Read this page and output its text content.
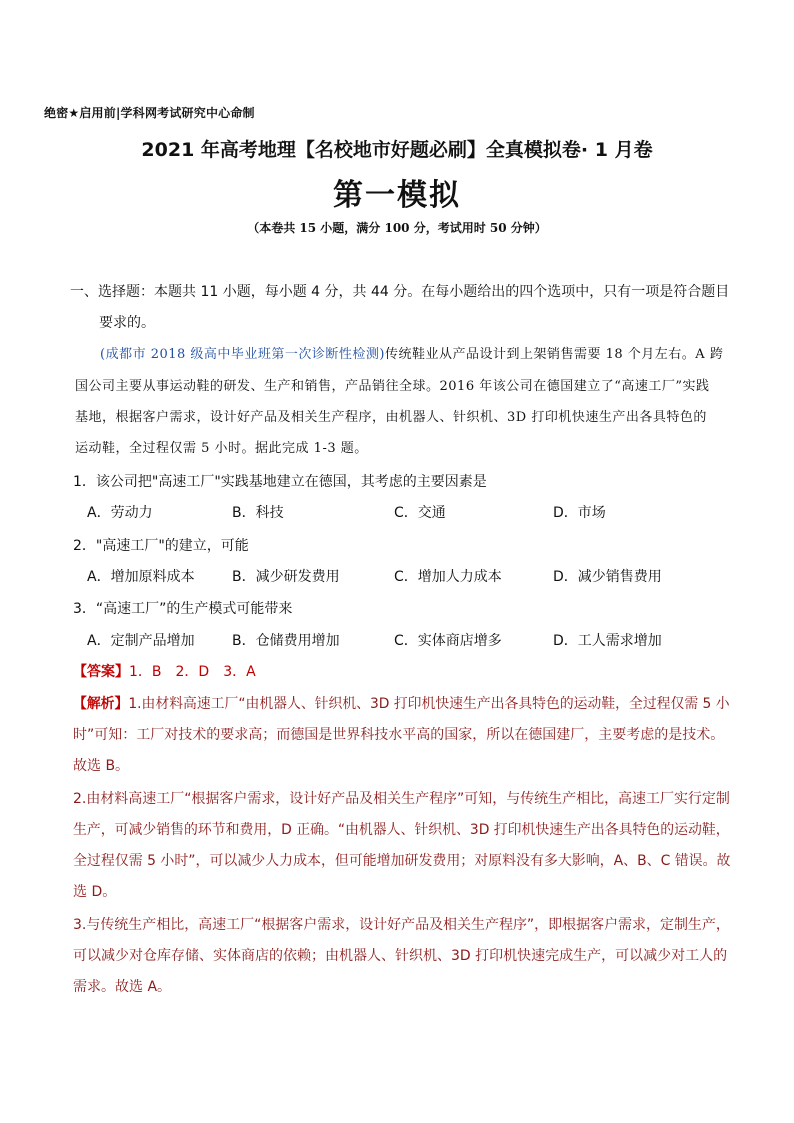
绝密★启用前|学科网考试研究中心命制
2021 年高考地理【名校地市好题必刷】全真模拟卷· 1 月卷
第一模拟
（本卷共 15 小题，满分 100 分，考试用时 50 分钟）
一、选择题：本题共 11 小题，每小题 4 分，共 44 分。在每小题给出的四个选项中，只有一项是符合题目
要求的。
(成都市 2018 级高中毕业班第一次诊断性检测)传统鞋业从产品设计到上架销售需要 18 个月左右。A 跨
国公司主要从事运动鞋的研发、生产和销售，产品销往全球。2016 年该公司在德国建立了“高速工厂”实践
基地，根据客户需求，设计好产品及相关生产程序，由机器人、针织机、3D 打印机快速生产出各具特色的
运动鞋，全过程仅需 5 小时。据此完成 1-3 题。
1．该公司把"高速工厂"实践基地建立在德国，其考虑的主要因素是
A．劳动力	B．科技	C．交通	D．市场
2．"高速工厂"的建立，可能
A．增加原料成本	B．减少研发费用	C．增加人力成本	D．减少销售费用
3．“高速工厂”的生产模式可能带来
A．定制产品增加	B．仓储费用增加	C．实体商店增多	D．工人需求增加
【答案】1．B　2．D　3．A
【解析】1.由材料高速工厂“由机器人、针织机、3D 打印机快速生产出各具特色的运动鞋，全过程仅需 5 小
时”可知：工厂对技术的要求高；而德国是世界科技水平高的国家，所以在德国建厂，主要考虑的是技术。
故选 B。
2.由材料高速工厂“根据客户需求，设计好产品及相关生产程序”可知，与传统生产相比，高速工厂实行定制
生产，可减少销售的环节和费用，D 正确。“由机器人、针织机、3D 打印机快速生产出各具特色的运动鞋，
全过程仅需 5 小时”，可以减少人力成本，但可能增加研发费用；对原料没有多大影响，A、B、C 错误。故
选 D。
3.与传统生产相比，高速工厂“根据客户需求，设计好产品及相关生产程序”，即根据客户需求，定制生产，
可以减少对仓库存储、实体商店的依赖；由机器人、针织机、3D 打印机快速完成生产，可以减少对工人的
需求。故选 A。
